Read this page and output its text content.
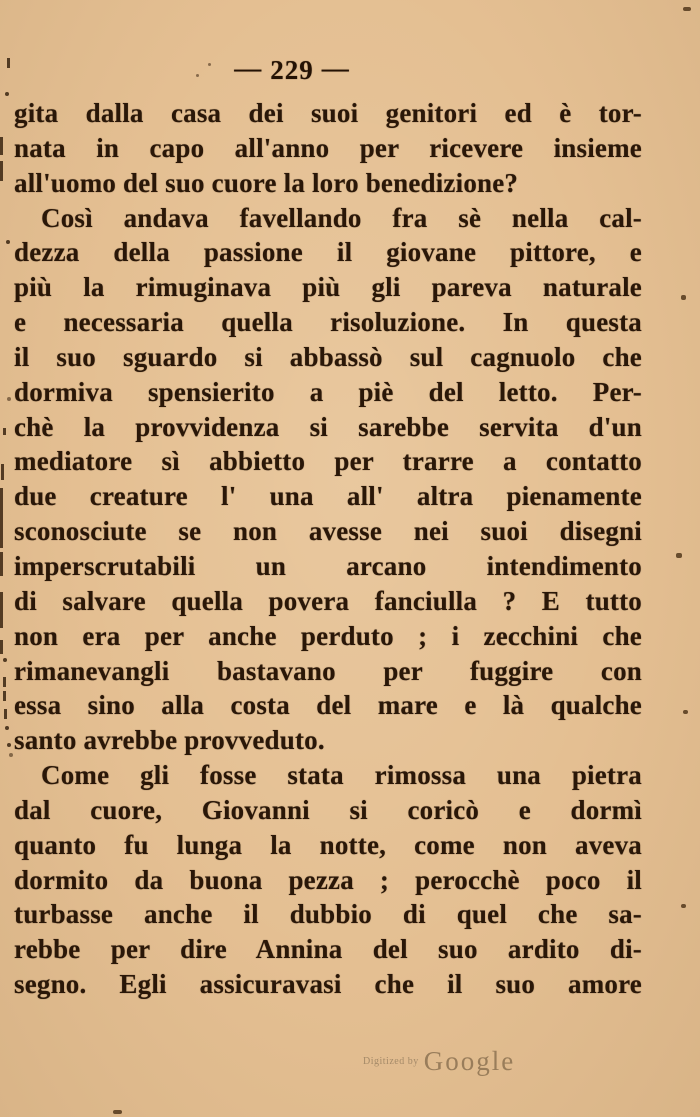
— 229 —
gita dalla casa dei suoi genitori ed è tor-
nata in capo all'anno per ricevere insieme
all'uomo del suo cuore la loro benedizione?
Così andava favellando fra sè nella cal-
dezza della passione il giovane pittore, e
più la rimuginava più gli pareva naturale
e necessaria quella risoluzione. In questa
il suo sguardo si abbassò sul cagnuolo che
dormiva spensierito a piè del letto. Per-
chè la provvidenza si sarebbe servita d'un
mediatore sì abbietto per trarre a contatto
due creature l' una all' altra pienamente
sconosciute se non avesse nei suoi disegni
imperscrutabili un arcano intendimento
di salvare quella povera fanciulla ? E tutto
non era per anche perduto ; i zecchini che
rimanevangli bastavano per fuggire con
essa sino alla costa del mare e là qualche
santo avrebbe provveduto.
Come gli fosse stata rimossa una pietra
dal cuore, Giovanni si coricò e dormì
quanto fu lunga la notte, come non aveva
dormito da buona pezza ; perocchè poco il
turbasse anche il dubbio di quel che sa-
rebbe per dire Annina del suo ardito di-
segno. Egli assicuravasi che il suo amore
$^{Digitized by}$ Google
